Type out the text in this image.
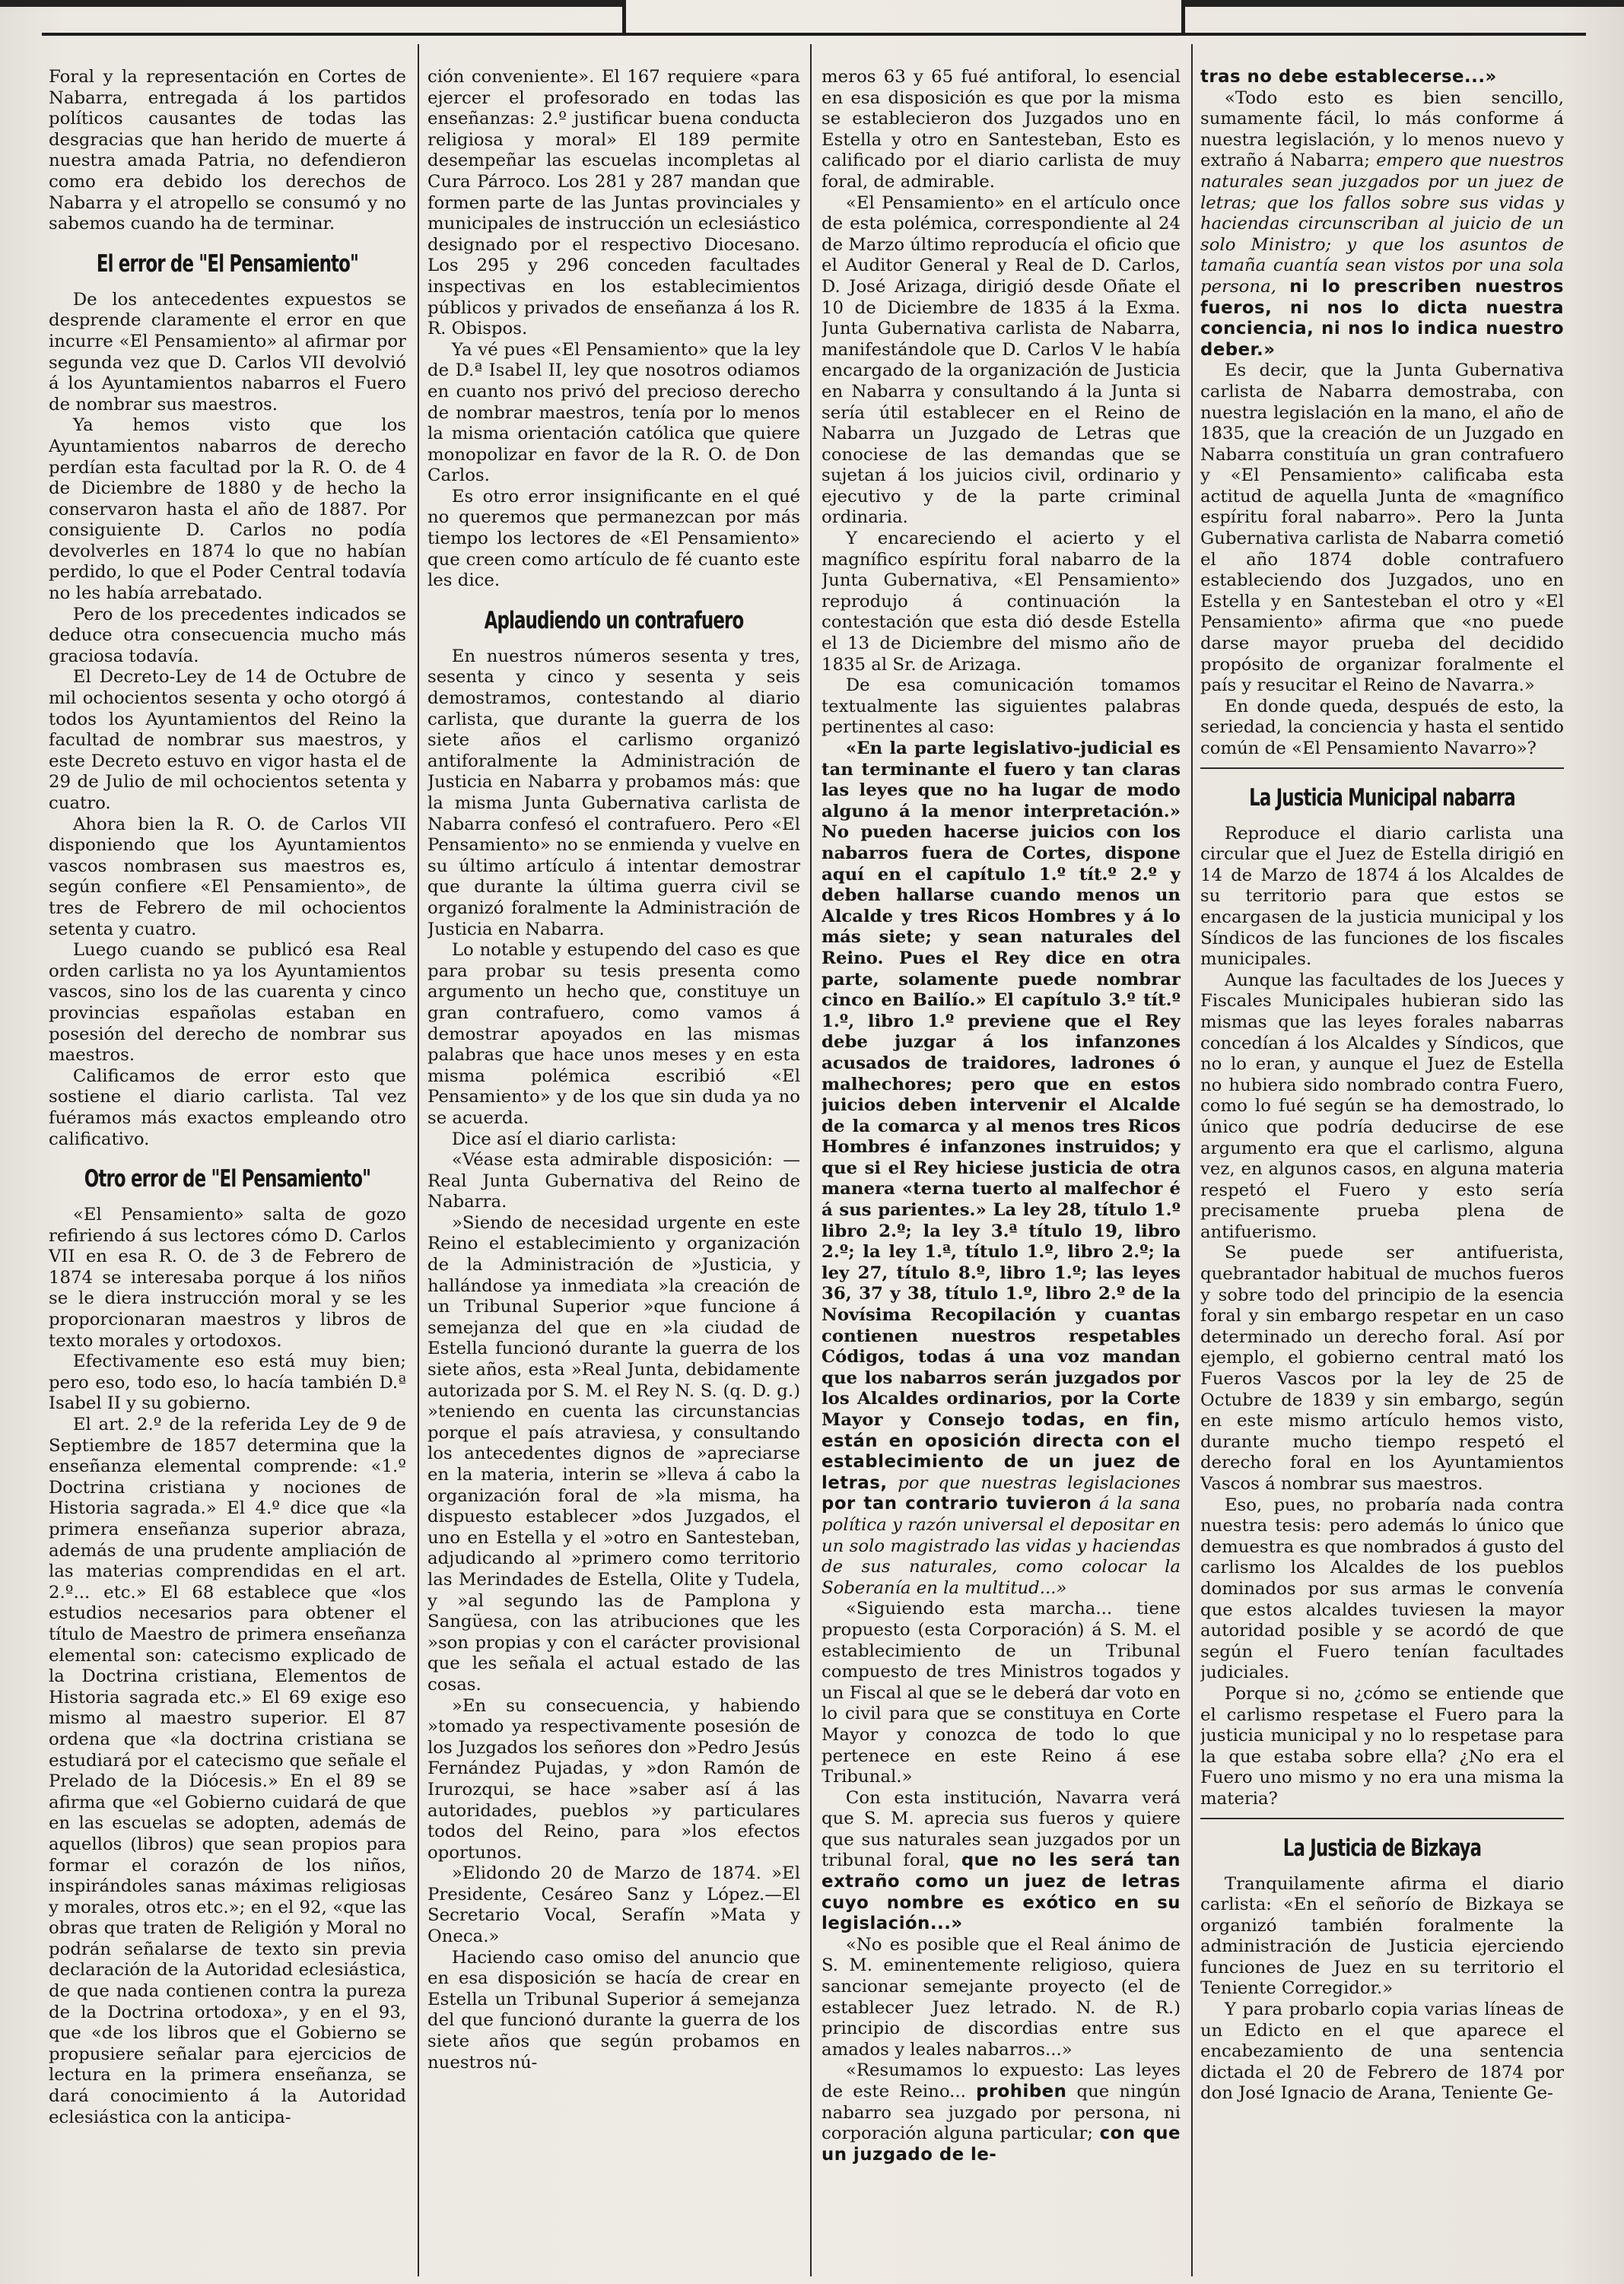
Foral y la representación en Cortes de Nabarra, entregada á los partidos políticos causantes de todas las desgracias que han herido de muerte á nuestra amada Patria, no defendieron como era debido los derechos de Nabarra y el atropello se consumó y no sabemos cuando ha de terminar.

El error de "El Pensamiento"

De los antecedentes expuestos se desprende claramente el error en que incurre «El Pensamiento» al afirmar por segunda vez que D. Carlos VII devolvió á los Ayuntamientos nabarros el Fuero de nombrar sus maestros.

Ya hemos visto que los Ayuntamientos nabarros de derecho perdían esta facultad por la R. O. de 4 de Diciembre de 1880 y de hecho la conservaron hasta el año de 1887. Por consiguiente D. Carlos no podía devolverles en 1874 lo que no habían perdido, lo que el Poder Central todavía no les había arrebatado.

Pero de los precedentes indicados se deduce otra consecuencia mucho más graciosa todavía.

El Decreto-Ley de 14 de Octubre de mil ochocientos sesenta y ocho otorgó á todos los Ayuntamientos del Reino la facultad de nombrar sus maestros, y este Decreto estuvo en vigor hasta el de 29 de Julio de mil ochocientos setenta y cuatro.

Ahora bien la R. O. de Carlos VII disponiendo que los Ayuntamientos vascos nombrasen sus maestros es, según confiere «El Pensamiento», de tres de Febrero de mil ochocientos setenta y cuatro.

Luego cuando se publicó esa Real orden carlista no ya los Ayuntamientos vascos, sino los de las cuarenta y cinco provincias españolas estaban en posesión del derecho de nombrar sus maestros.

Calificamos de error esto que sostiene el diario carlista. Tal vez fuéramos más exactos empleando otro calificativo.

Otro error de "El Pensamiento"

«El Pensamiento» salta de gozo refiriendo á sus lectores cómo D. Carlos VII en esa R. O. de 3 de Febrero de 1874 se interesaba porque á los niños se le diera instrucción moral y se les proporcionaran maestros y libros de texto morales y ortodoxos.

Efectivamente eso está muy bien; pero eso, todo eso, lo hacía también D.ª Isabel II y su gobierno.

El art. 2.º de la referida Ley de 9 de Septiembre de 1857 determina que la enseñanza elemental comprende: «1.º Doctrina cristiana y nociones de Historia sagrada.» El 4.º dice que «la primera enseñanza superior abraza, además de una prudente ampliación de las materias comprendidas en el art. 2.º... etc.» El 68 establece que «los estudios necesarios para obtener el título de Maestro de primera enseñanza elemental son: catecismo explicado de la Doctrina cristiana, Elementos de Historia sagrada etc.» El 69 exige eso mismo al maestro superior. El 87 ordena que «la doctrina cristiana se estudiará por el catecismo que señale el Prelado de la Diócesis.» En el 89 se afirma que «el Gobierno cuidará de que en las escuelas se adopten, además de aquellos (libros) que sean propios para formar el corazón de los niños, inspirándoles sanas máximas religiosas y morales, otros etc.»; en el 92, «que las obras que traten de Religión y Moral no podrán señalarse de texto sin previa declaración de la Autoridad eclesiástica, de que nada contienen contra la pureza de la Doctrina ortodoxa», y en el 93, que «de los libros que el Gobierno se propusiere señalar para ejercicios de lectura en la primera enseñanza, se dará conocimiento á la Autoridad eclesiástica con la anticipa-

ción conveniente». El 167 requiere «para ejercer el profesorado en todas las enseñanzas: 2.º justificar buena conducta religiosa y moral» El 189 permite desempeñar las escuelas incompletas al Cura Párroco. Los 281 y 287 mandan que formen parte de las Juntas provinciales y municipales de instrucción un eclesiástico designado por el respectivo Diocesano. Los 295 y 296 conceden facultades inspectivas en los establecimientos públicos y privados de enseñanza á los R. R. Obispos.

Ya vé pues «El Pensamiento» que la ley de D.ª Isabel II, ley que nosotros odiamos en cuanto nos privó del precioso derecho de nombrar maestros, tenía por lo menos la misma orientación católica que quiere monopolizar en favor de la R. O. de Don Carlos.

Es otro error insignificante en el qué no queremos que permanezcan por más tiempo los lectores de «El Pensamiento» que creen como artículo de fé cuanto este les dice.

Aplaudiendo un contrafuero

En nuestros números sesenta y tres, sesenta y cinco y sesenta y seis demostramos, contestando al diario carlista, que durante la guerra de los siete años el carlismo organizó antiforalmente la Administración de Justicia en Nabarra y probamos más: que la misma Junta Gubernativa carlista de Nabarra confesó el contrafuero. Pero «El Pensamiento» no se enmienda y vuelve en su último artículo á intentar demostrar que durante la última guerra civil se organizó foralmente la Administración de Justicia en Nabarra.

Lo notable y estupendo del caso es que para probar su tesis presenta como argumento un hecho que, constituye un gran contrafuero, como vamos á demostrar apoyados en las mismas palabras que hace unos meses y en esta misma polémica escribió «El Pensamiento» y de los que sin duda ya no se acuerda.

Dice así el diario carlista:

«Véase esta admirable disposición: —Real Junta Gubernativa del Reino de Nabarra.

»Siendo de necesidad urgente en este Reino el establecimiento y organización de la Administración de »Justicia, y hallándose ya inmediata »la creación de un Tribunal Superior »que funcione á semejanza del que en »la ciudad de Estella funcionó durante la guerra de los siete años, esta »Real Junta, debidamente autorizada por S. M. el Rey N. S. (q. D. g.) »teniendo en cuenta las circunstancias porque el país atraviesa, y consultando los antecedentes dignos de »apreciarse en la materia, interin se »lleva á cabo la organización foral de »la misma, ha dispuesto establecer »dos Juzgados, el uno en Estella y el »otro en Santesteban, adjudicando al »primero como territorio las Merindades de Estella, Olite y Tudela, y »al segundo las de Pamplona y Sangüesa, con las atribuciones que les »son propias y con el carácter provisional que les señala el actual estado de las cosas.

»En su consecuencia, y habiendo »tomado ya respectivamente posesión de los Juzgados los señores don »Pedro Jesús Fernández Pujadas, y »don Ramón de Irurozqui, se hace »saber así á las autoridades, pueblos »y particulares todos del Reino, para »los efectos oportunos.

»Elidondo 20 de Marzo de 1874. »El Presidente, Cesáreo Sanz y López.—El Secretario Vocal, Serafín »Mata y Oneca.»

Haciendo caso omiso del anuncio que en esa disposición se hacía de crear en Estella un Tribunal Superior á semejanza del que funcionó durante la guerra de los siete años que según probamos en nuestros nú-

meros 63 y 65 fué antiforal, lo esencial en esa disposición es que por la misma se establecieron dos Juzgados uno en Estella y otro en Santesteban, Esto es calificado por el diario carlista de muy foral, de admirable.

«El Pensamiento» en el artículo once de esta polémica, correspondiente al 24 de Marzo último reproducía el oficio que el Auditor General y Real de D. Carlos, D. José Arizaga, dirigió desde Oñate el 10 de Diciembre de 1835 á la Exma. Junta Gubernativa carlista de Nabarra, manifestándole que D. Carlos V le había encargado de la organización de Justicia en Nabarra y consultando á la Junta si sería útil establecer en el Reino de Nabarra un Juzgado de Letras que conociese de las demandas que se sujetan á los juicios civil, ordinario y ejecutivo y de la parte criminal ordinaria.

Y encareciendo el acierto y el magnífico espíritu foral nabarro de la Junta Gubernativa, «El Pensamiento» reprodujo á continuación la contestación que esta dió desde Estella el 13 de Diciembre del mismo año de 1835 al Sr. de Arizaga.

De esa comunicación tomamos textualmente las siguientes palabras pertinentes al caso:

«En la parte legislativo-judicial es tan terminante el fuero y tan claras las leyes que no ha lugar de modo alguno á la menor interpretación.» No pueden hacerse juicios con los nabarros fuera de Cortes, dispone aquí en el capítulo 1.º tít.º 2.º y deben hallarse cuando menos un Alcalde y tres Ricos Hombres y á lo más siete; y sean naturales del Reino. Pues el Rey dice en otra parte, solamente puede nombrar cinco en Bailío.» El capítulo 3.º tít.º 1.º, libro 1.º previene que el Rey debe juzgar á los infanzones acusados de traidores, ladrones ó malhechores; pero que en estos juicios deben intervenir el Alcalde de la comarca y al menos tres Ricos Hombres é infanzones instruidos; y que si el Rey hiciese justicia de otra manera «terna tuerto al malfechor é á sus parientes.» La ley 28, título 1.º libro 2.º; la ley 3.ª título 19, libro 2.º; la ley 1.ª, título 1.º, libro 2.º; la ley 27, título 8.º, libro 1.º; las leyes 36, 37 y 38, título 1.º, libro 2.º de la Novísima Recopilación y cuantas contienen nuestros respetables Códigos, todas á una voz mandan que los nabarros serán juzgados por los Alcaldes ordinarios, por la Corte Mayor y Consejo todas, en fin, están en oposición directa con el establecimiento de un juez de letras, por que nuestras legislaciones por tan contrario tuvieron á la sana política y razón universal el depositar en un solo magistrado las vidas y haciendas de sus naturales, como colocar la Soberanía en la multitud...»

«Siguiendo esta marcha... tiene propuesto (esta Corporación) á S. M. el establecimiento de un Tribunal compuesto de tres Ministros togados y un Fiscal al que se le deberá dar voto en lo civil para que se constituya en Corte Mayor y conozca de todo lo que pertenece en este Reino á ese Tribunal.»

Con esta institución, Navarra verá que S. M. aprecia sus fueros y quiere que sus naturales sean juzgados por un tribunal foral, que no les será tan extraño como un juez de letras cuyo nombre es exótico en su legislación...»

«No es posible que el Real ánimo de S. M. eminentemente religioso, quiera sancionar semejante proyecto (el de establecer Juez letrado. N. de R.) principio de discordias entre sus amados y leales nabarros...»

«Resumamos lo expuesto: Las leyes de este Reino... prohiben que ningún nabarro sea juzgado por persona, ni corporación alguna particular; con que un juzgado de le-

tras no debe establecerse...»

«Todo esto es bien sencillo, sumamente fácil, lo más conforme á nuestra legislación, y lo menos nuevo y extraño á Nabarra; empero que nuestros naturales sean juzgados por un juez de letras; que los fallos sobre sus vidas y haciendas circunscriban al juicio de un solo Ministro; y que los asuntos de tamaña cuantía sean vistos por una sola persona, ni lo prescriben nuestros fueros, ni nos lo dicta nuestra conciencia, ni nos lo indica nuestro deber.»

Es decir, que la Junta Gubernativa carlista de Nabarra demostraba, con nuestra legislación en la mano, el año de 1835, que la creación de un Juzgado en Nabarra constituía un gran contrafuero y «El Pensamiento» calificaba esta actitud de aquella Junta de «magnífico espíritu foral nabarro». Pero la Junta Gubernativa carlista de Nabarra cometió el año 1874 doble contrafuero estableciendo dos Juzgados, uno en Estella y en Santesteban el otro y «El Pensamiento» afirma que «no puede darse mayor prueba del decidido propósito de organizar foralmente el país y resucitar el Reino de Navarra.»

En donde queda, después de esto, la seriedad, la conciencia y hasta el sentido común de «El Pensamiento Navarro»?

La Justicia Municipal nabarra

Reproduce el diario carlista una circular que el Juez de Estella dirigió en 14 de Marzo de 1874 á los Alcaldes de su territorio para que estos se encargasen de la justicia municipal y los Síndicos de las funciones de los fiscales municipales.

Aunque las facultades de los Jueces y Fiscales Municipales hubieran sido las mismas que las leyes forales nabarras concedían á los Alcaldes y Síndicos, que no lo eran, y aunque el Juez de Estella no hubiera sido nombrado contra Fuero, como lo fué según se ha demostrado, lo único que podría deducirse de ese argumento era que el carlismo, alguna vez, en algunos casos, en alguna materia respetó el Fuero y esto sería precisamente prueba plena de antifuerismo.

Se puede ser antifuerista, quebrantador habitual de muchos fueros y sobre todo del principio de la esencia foral y sin embargo respetar en un caso determinado un derecho foral. Así por ejemplo, el gobierno central mató los Fueros Vascos por la ley de 25 de Octubre de 1839 y sin embargo, según en este mismo artículo hemos visto, durante mucho tiempo respetó el derecho foral en los Ayuntamientos Vascos á nombrar sus maestros.

Eso, pues, no probaría nada contra nuestra tesis: pero además lo único que demuestra es que nombrados á gusto del carlismo los Alcaldes de los pueblos dominados por sus armas le convenía que estos alcaldes tuviesen la mayor autoridad posible y se acordó de que según el Fuero tenían facultades judiciales.

Porque si no, ¿cómo se entiende que el carlismo respetase el Fuero para la justicia municipal y no lo respetase para la que estaba sobre ella? ¿No era el Fuero uno mismo y no era una misma la materia?

La Justicia de Bizkaya

Tranquilamente afirma el diario carlista: «En el señorío de Bizkaya se organizó también foralmente la administración de Justicia ejerciendo funciones de Juez en su territorio el Teniente Corregidor.»

Y para probarlo copia varias líneas de un Edicto en el que aparece el encabezamiento de una sentencia dictada el 20 de Febrero de 1874 por don José Ignacio de Arana, Teniente Ge-
